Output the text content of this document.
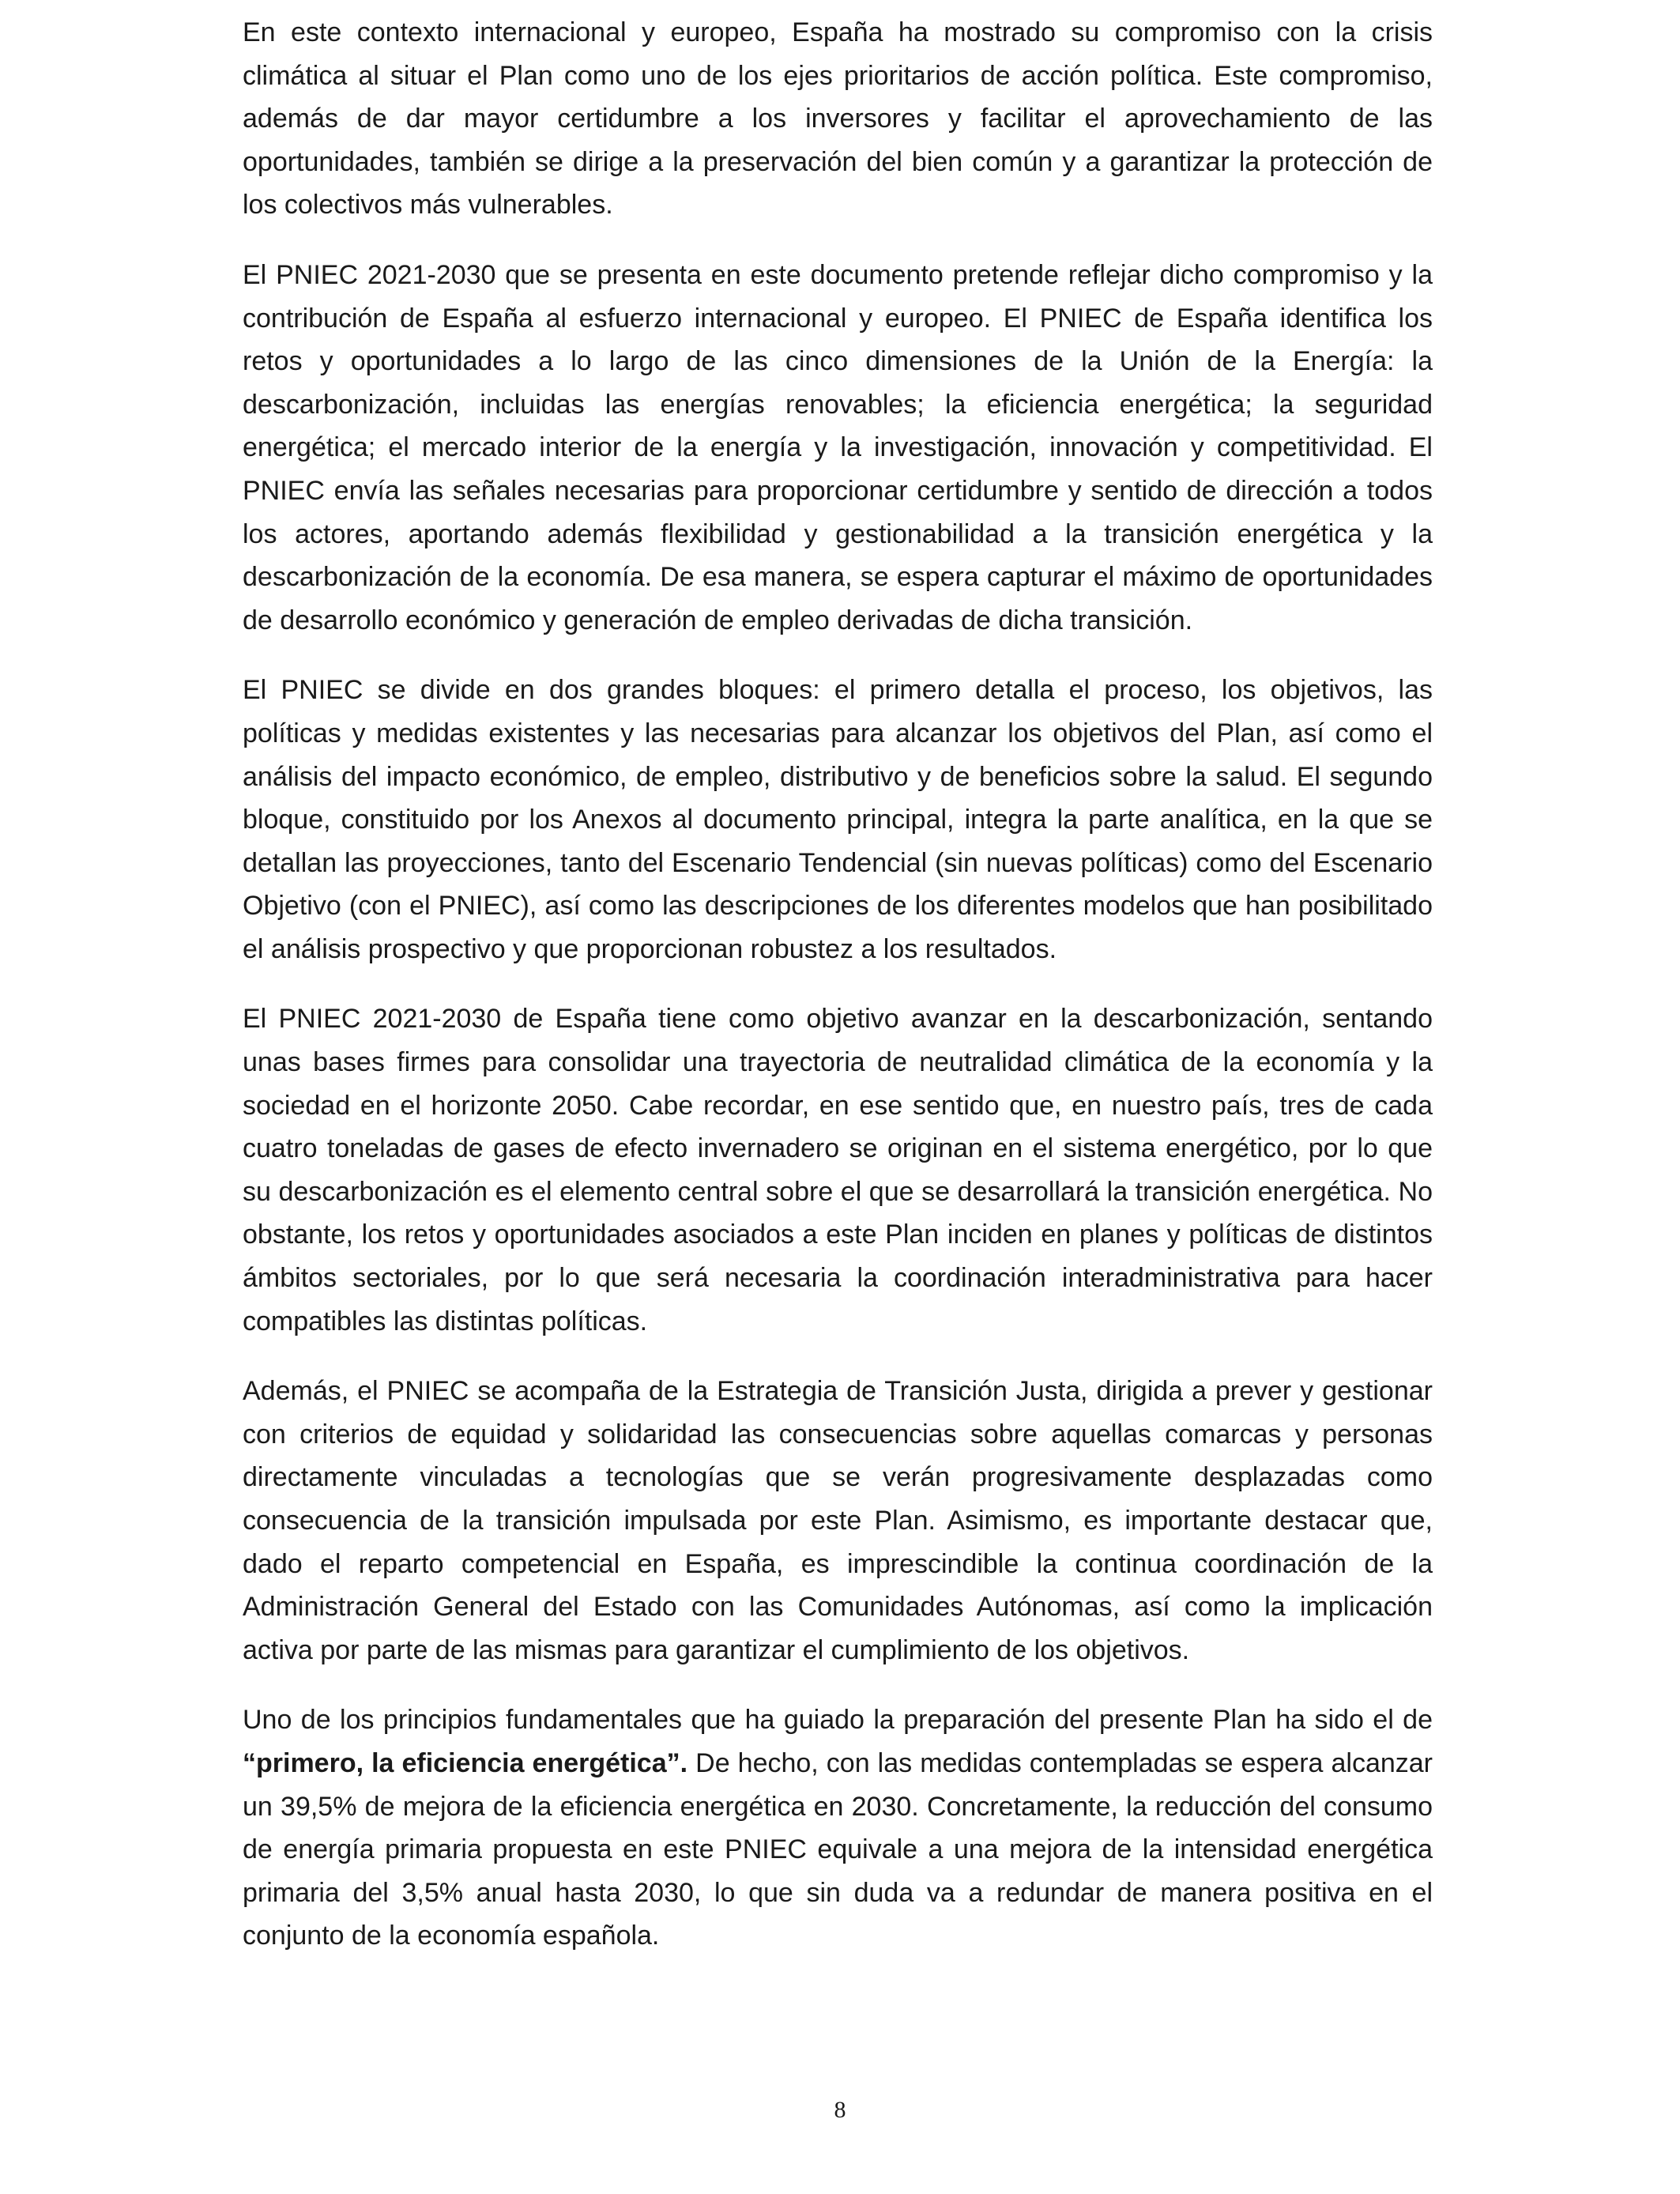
En este contexto internacional y europeo, España ha mostrado su compromiso con la crisis climática al situar el Plan como uno de los ejes prioritarios de acción política. Este compromiso, además de dar mayor certidumbre a los inversores y facilitar el aprovechamiento de las oportunidades, también se dirige a la preservación del bien común y a garantizar la protección de los colectivos más vulnerables.

El PNIEC 2021-2030 que se presenta en este documento pretende reflejar dicho compromiso y la contribución de España al esfuerzo internacional y europeo. El PNIEC de España identifica los retos y oportunidades a lo largo de las cinco dimensiones de la Unión de la Energía: la descarbonización, incluidas las energías renovables; la eficiencia energética; la seguridad energética; el mercado interior de la energía y la investigación, innovación y competitividad. El PNIEC envía las señales necesarias para proporcionar certidumbre y sentido de dirección a todos los actores, aportando además flexibilidad y gestionabilidad a la transición energética y la descarbonización de la economía. De esa manera, se espera capturar el máximo de oportunidades de desarrollo económico y generación de empleo derivadas de dicha transición.

El PNIEC se divide en dos grandes bloques: el primero detalla el proceso, los objetivos, las políticas y medidas existentes y las necesarias para alcanzar los objetivos del Plan, así como el análisis del impacto económico, de empleo, distributivo y de beneficios sobre la salud. El segundo bloque, constituido por los Anexos al documento principal, integra la parte analítica, en la que se detallan las proyecciones, tanto del Escenario Tendencial (sin nuevas políticas) como del Escenario Objetivo (con el PNIEC), así como las descripciones de los diferentes modelos que han posibilitado el análisis prospectivo y que proporcionan robustez a los resultados.

El PNIEC 2021-2030 de España tiene como objetivo avanzar en la descarbonización, sentando unas bases firmes para consolidar una trayectoria de neutralidad climática de la economía y la sociedad en el horizonte 2050. Cabe recordar, en ese sentido que, en nuestro país, tres de cada cuatro toneladas de gases de efecto invernadero se originan en el sistema energético, por lo que su descarbonización es el elemento central sobre el que se desarrollará la transición energética. No obstante, los retos y oportunidades asociados a este Plan inciden en planes y políticas de distintos ámbitos sectoriales, por lo que será necesaria la coordinación interadministrativa para hacer compatibles las distintas políticas.

Además, el PNIEC se acompaña de la Estrategia de Transición Justa, dirigida a prever y gestionar con criterios de equidad y solidaridad las consecuencias sobre aquellas comarcas y personas directamente vinculadas a tecnologías que se verán progresivamente desplazadas como consecuencia de la transición impulsada por este Plan. Asimismo, es importante destacar que, dado el reparto competencial en España, es imprescindible la continua coordinación de la Administración General del Estado con las Comunidades Autónomas, así como la implicación activa por parte de las mismas para garantizar el cumplimiento de los objetivos.

Uno de los principios fundamentales que ha guiado la preparación del presente Plan ha sido el de “primero, la eficiencia energética”. De hecho, con las medidas contempladas se espera alcanzar un 39,5% de mejora de la eficiencia energética en 2030. Concretamente, la reducción del consumo de energía primaria propuesta en este PNIEC equivale a una mejora de la intensidad energética primaria del 3,5% anual hasta 2030, lo que sin duda va a redundar de manera positiva en el conjunto de la economía española.

8
